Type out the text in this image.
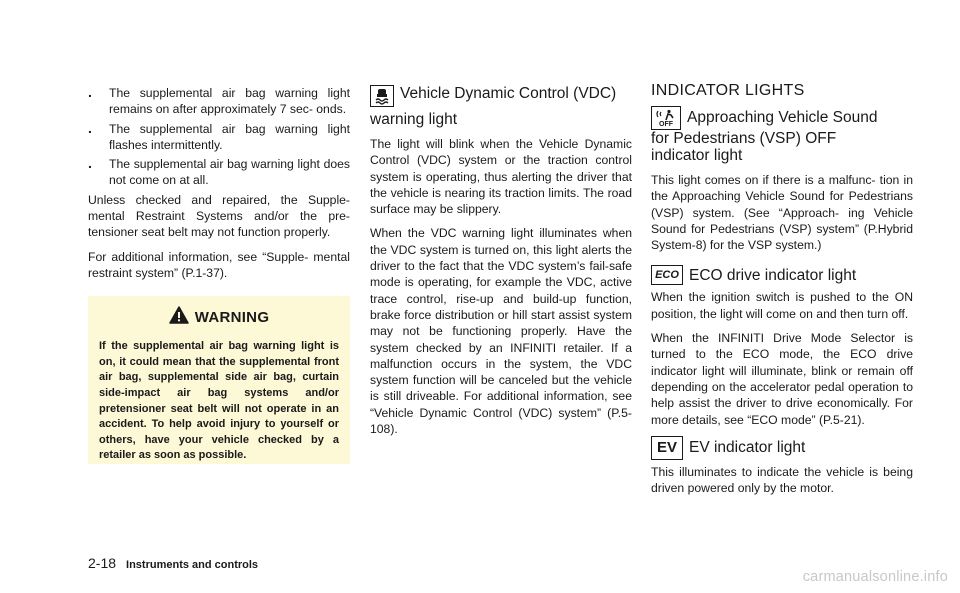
. The supplemental air bag warning light remains on after approximately 7 sec- onds.
. The supplemental air bag warning light flashes intermittently.
. The supplemental air bag warning light does not come on at all.

Unless checked and repaired, the Supple- mental Restraint Systems and/or the pre- tensioner seat belt may not function properly.

For additional information, see “Supple- mental restraint system” (P.1-37).

WARNING
If the supplemental air bag warning light is on, it could mean that the supplemental front air bag, supplemental side air bag, curtain side-impact air bag systems and/or pretensioner seat belt will not operate in an accident. To help avoid injury to yourself or others, have your vehicle checked by a retailer as soon as possible.
Vehicle Dynamic Control (VDC)
warning light

The light will blink when the Vehicle Dynamic Control (VDC) system or the traction control system is operating, thus alerting the driver that the vehicle is nearing its traction limits. The road surface may be slippery.

When the VDC warning light illuminates when the VDC system is turned on, this light alerts the driver to the fact that the VDC system’s fail-safe mode is operating, for example the VDC, active trace control, rise-up and build-up function, brake force distribution or hill start assist system may not be functioning properly. Have the system checked by an INFINITI retailer. If a malfunction occurs in the system, the VDC system function will be canceled but the vehicle is still driveable. For additional information, see “Vehicle Dynamic Control (VDC) system” (P.5-108).

INDICATOR LIGHTS
OFF Approaching Vehicle Sound
for Pedestrians (VSP) OFF indicator light

This light comes on if there is a malfunc- tion in the Approaching Vehicle Sound for Pedestrians (VSP) system. (See “Approach- ing Vehicle Sound for Pedestrians (VSP) system” (P.Hybrid System-8) for the VSP system.)

ECO ECO drive indicator light

When the ignition switch is pushed to the ON position, the light will come on and then turn off.

When the INFINITI Drive Mode Selector is turned to the ECO mode, the ECO drive indicator light will illuminate, blink or remain off depending on the accelerator pedal operation to help assist the driver to drive economically. For more details, see “ECO mode” (P.5-21).

EV EV indicator light

This illuminates to indicate the vehicle is being driven powered only by the motor.

2-18 Instruments and controls
carmanualsonline.info
